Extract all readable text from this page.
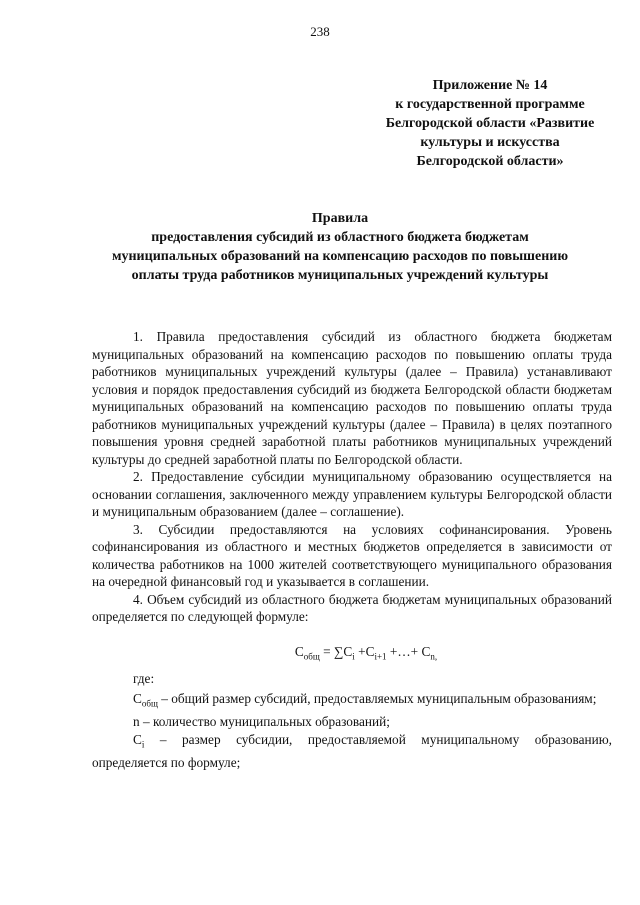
238
Приложение № 14
к государственной программе
Белгородской области «Развитие
культуры и искусства
Белгородской области»
Правила
предоставления субсидий из областного бюджета бюджетам
муниципальных образований на компенсацию расходов по повышению
оплаты труда работников муниципальных учреждений культуры

1. Правила предоставления субсидий из областного бюджета бюджетам муниципальных образований на компенсацию расходов по повышению оплаты труда работников муниципальных учреждений культуры (далее – Правила) устанавливают условия и порядок предоставления субсидий из бюджета Белгородской области бюджетам муниципальных образований на компенсацию расходов по повышению оплаты труда работников муниципальных учреждений культуры (далее – Правила) в целях поэтапного повышения уровня средней заработной платы работников муниципальных учреждений культуры до средней заработной платы по Белгородской области.

2. Предоставление субсидии муниципальному образованию осуществляется на основании соглашения, заключенного между управлением культуры Белгородской области и муниципальным образованием (далее – соглашение).

3. Субсидии предоставляются на условиях софинансирования. Уровень софинансирования из областного и местных бюджетов определяется в зависимости от количества работников на 1000 жителей соответствующего муниципального образования на очередной финансовый год и указывается в соглашении.

4. Объем субсидий из областного бюджета бюджетам муниципальных образований определяется по следующей формуле:

$C_{общ} = \sum C_i +C_{i+1}$ +…+ $C_{n,}$
где:

$C_{общ}$ – общий размер субсидий, предоставляемых муниципальным образованиям;

n – количество муниципальных образований;

$C_i$ – размер субсидии, предоставляемой муниципальному образованию, определяется по формуле;
